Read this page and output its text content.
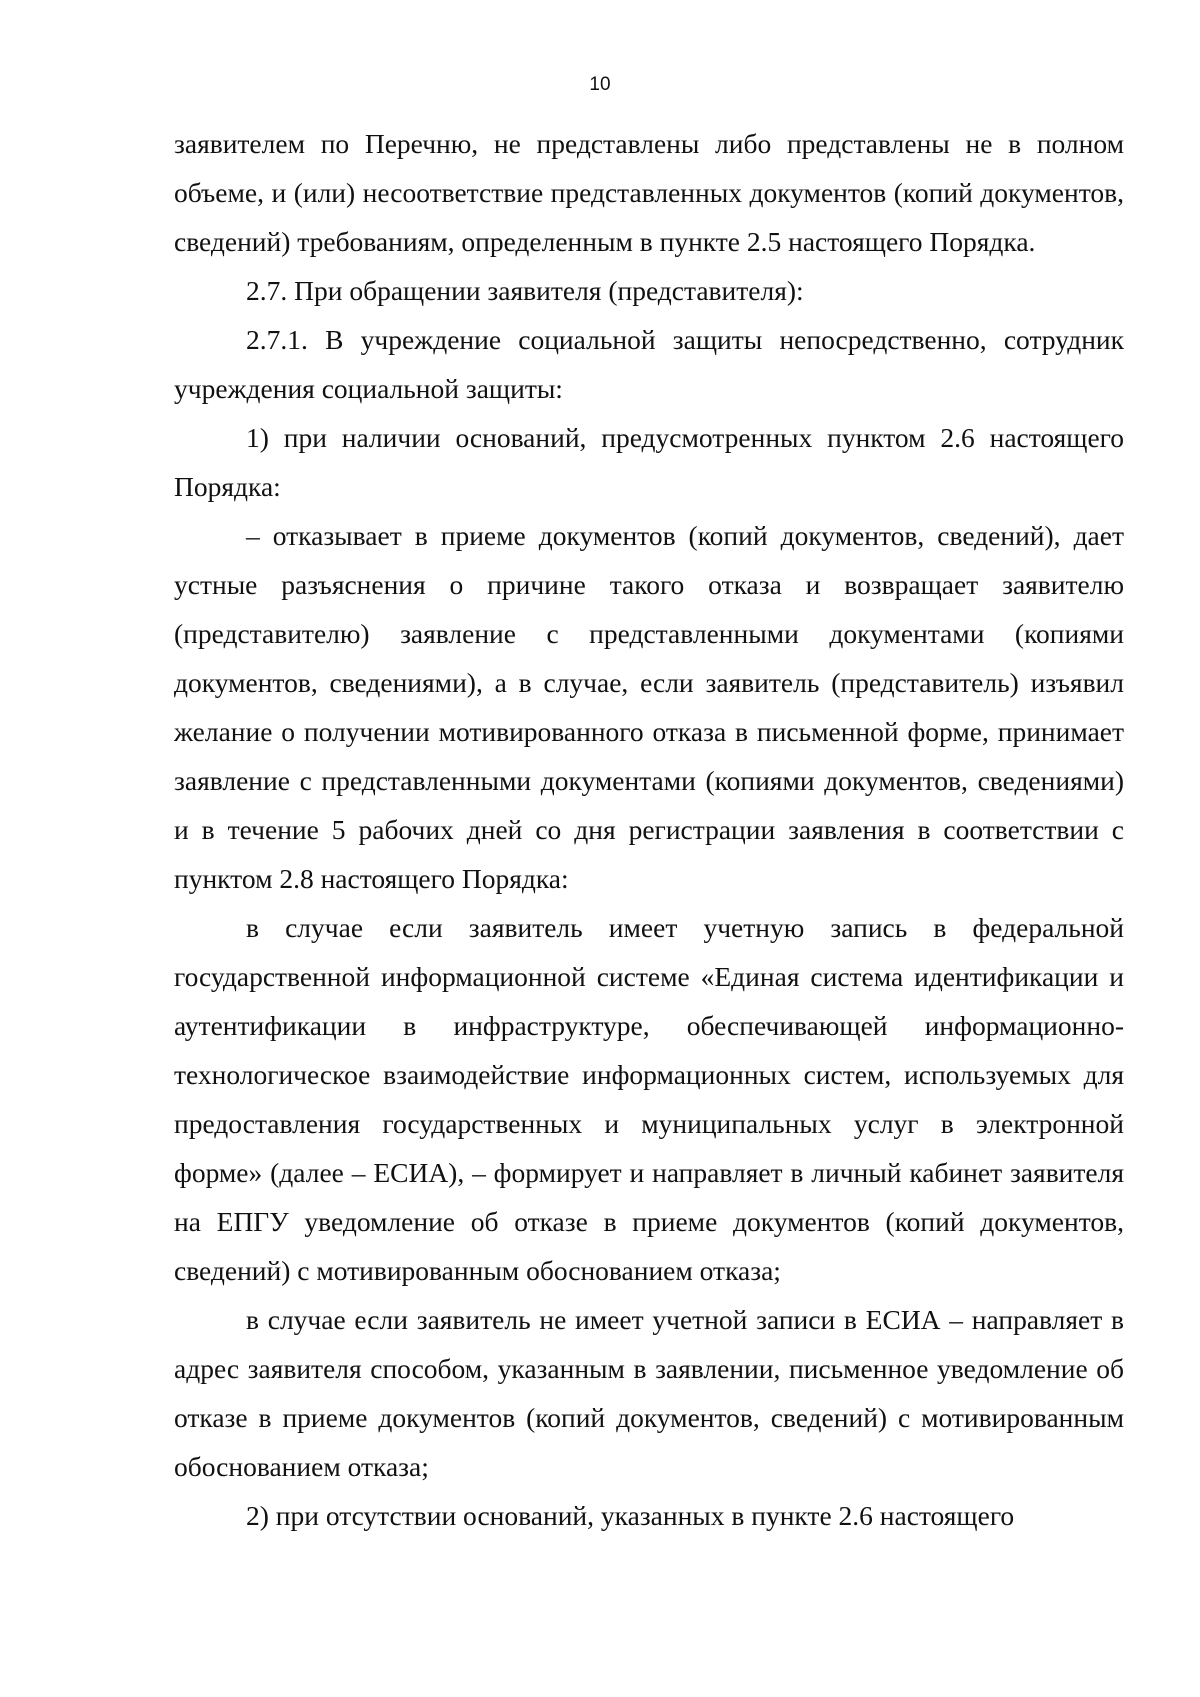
10

заявителем по Перечню, не представлены либо представлены не в полном объеме, и (или) несоответствие представленных документов (копий документов, сведений) требованиям, определенным в пункте 2.5 настоящего Порядка.

2.7. При обращении заявителя (представителя):

2.7.1. В учреждение социальной защиты непосредственно, сотрудник учреждения социальной защиты:

1) при наличии оснований, предусмотренных пунктом 2.6 настоящего Порядка:

– отказывает в приеме документов (копий документов, сведений), дает устные разъяснения о причине такого отказа и возвращает заявителю (представителю) заявление с представленными документами (копиями документов, сведениями), а в случае, если заявитель (представитель) изъявил желание о получении мотивированного отказа в письменной форме, принимает заявление с представленными документами (копиями документов, сведениями) и в течение 5 рабочих дней со дня регистрации заявления в соответствии с пунктом 2.8 настоящего Порядка:

в случае если заявитель имеет учетную запись в федеральной государственной информационной системе «Единая система идентификации и аутентификации в инфраструктуре, обеспечивающей информационно-технологическое взаимодействие информационных систем, используемых для предоставления государственных и муниципальных услуг в электронной форме» (далее – ЕСИА), – формирует и направляет в личный кабинет заявителя на ЕПГУ уведомление об отказе в приеме документов (копий документов, сведений) с мотивированным обоснованием отказа;

в случае если заявитель не имеет учетной записи в ЕСИА – направляет в адрес заявителя способом, указанным в заявлении, письменное уведомление об отказе в приеме документов (копий документов, сведений) с мотивированным обоснованием отказа;

2) при отсутствии оснований, указанных в пункте 2.6 настоящего
